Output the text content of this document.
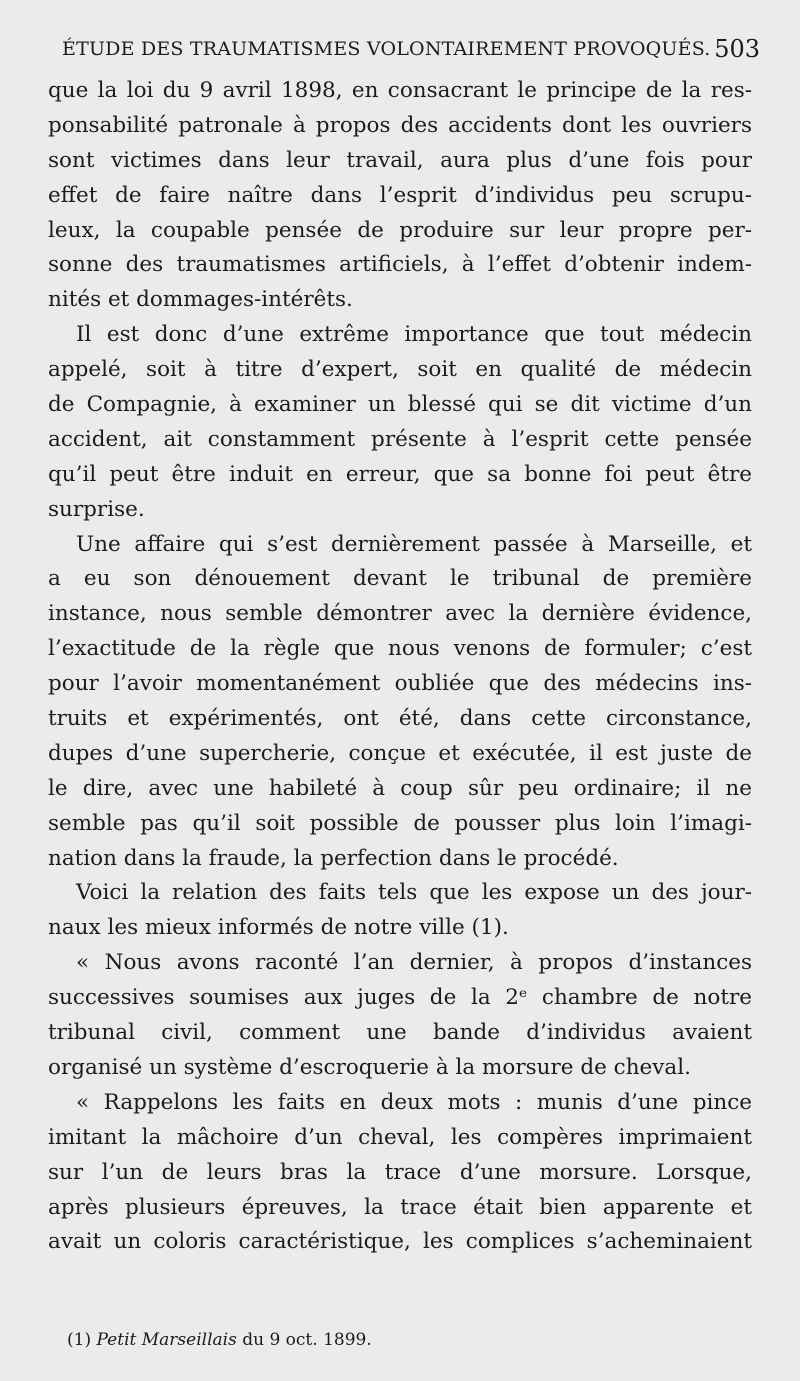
ÉTUDE DES TRAUMATISMES VOLONTAIREMENT PROVOQUÉS. 503
que la loi du 9 avril 1898, en consacrant le principe de la res-
ponsabilité patronale à propos des accidents dont les ouvriers
sont victimes dans leur travail, aura plus d’une fois pour
effet de faire naître dans l’esprit d’individus peu scrupu-
leux, la coupable pensée de produire sur leur propre per-
sonne des traumatismes artificiels, à l’effet d’obtenir indem-
nités et dommages-intérêts.
Il est donc d’une extrême importance que tout médecin
appelé, soit à titre d’expert, soit en qualité de médecin
de Compagnie, à examiner un blessé qui se dit victime d’un
accident, ait constamment présente à l’esprit cette pensée
qu’il peut être induit en erreur, que sa bonne foi peut être
surprise.
Une affaire qui s’est dernièrement passée à Marseille, et
a eu son dénouement devant le tribunal de première
instance, nous semble démontrer avec la dernière évidence,
l’exactitude de la règle que nous venons de formuler; c’est
pour l’avoir momentanément oubliée que des médecins ins-
truits et expérimentés, ont été, dans cette circonstance,
dupes d’une supercherie, conçue et exécutée, il est juste de
le dire, avec une habileté à coup sûr peu ordinaire; il ne
semble pas qu’il soit possible de pousser plus loin l’imagi-
nation dans la fraude, la perfection dans le procédé.
Voici la relation des faits tels que les expose un des jour-
naux les mieux informés de notre ville (1).
« Nous avons raconté l’an dernier, à propos d’instances
successives soumises aux juges de la 2ᵉ chambre de notre
tribunal civil, comment une bande d’individus avaient
organisé un système d’escroquerie à la morsure de cheval.
« Rappelons les faits en deux mots : munis d’une pince
imitant la mâchoire d’un cheval, les compères imprimaient
sur l’un de leurs bras la trace d’une morsure. Lorsque,
après plusieurs épreuves, la trace était bien apparente et
avait un coloris caractéristique, les complices s’acheminaient
(1) Petit Marseillais du 9 oct. 1899.
